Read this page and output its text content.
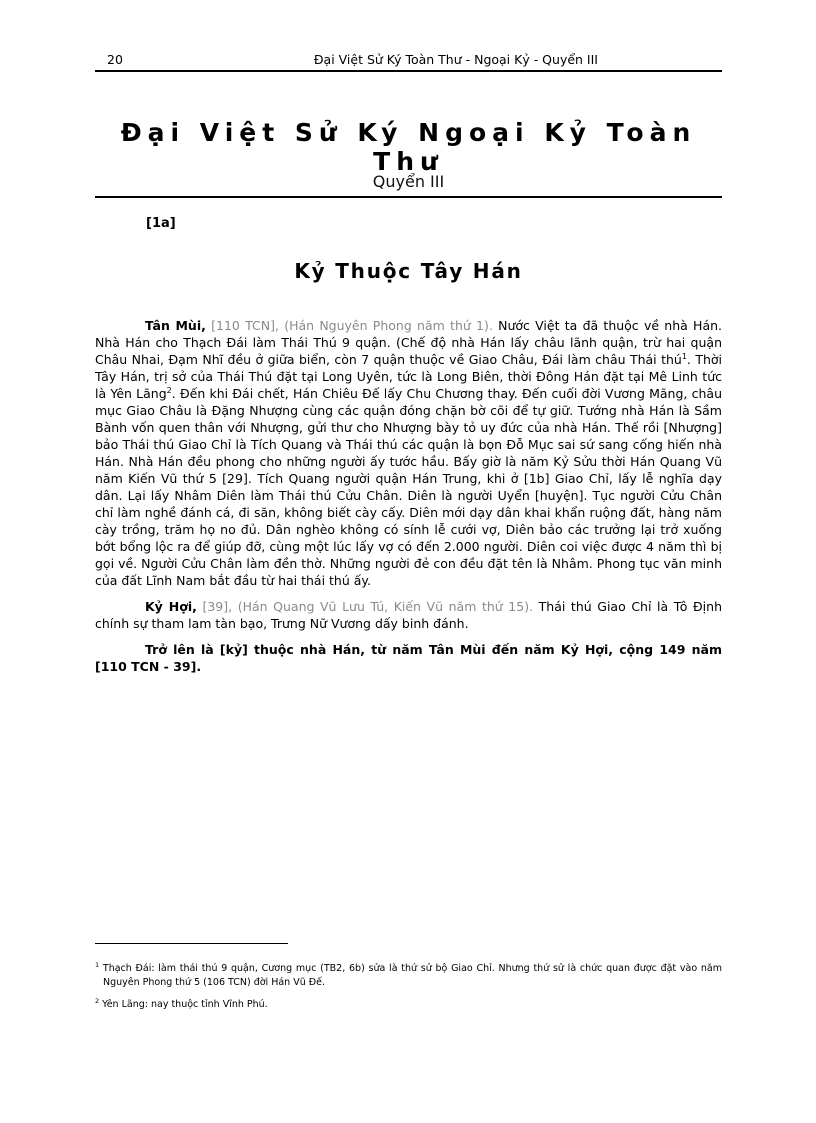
20	Đại Việt Sử Ký Toàn Thư - Ngoại Kỷ - Quyển III
Đại Việt Sử Ký Ngoại Kỷ Toàn Thư
Quyển III
[1a]
Kỷ Thuộc Tây Hán

Tân Mùi, [110 TCN], (Hán Nguyên Phong năm thứ 1). Nước Việt ta đã thuộc về nhà Hán. Nhà Hán cho Thạch Đái làm Thái Thú 9 quận. (Chế độ nhà Hán lấy châu lãnh quận, trừ hai quận Châu Nhai, Đạm Nhĩ đều ở giữa biển, còn 7 quận thuộc về Giao Châu, Đái làm châu Thái thú$^1$. Thời Tây Hán, trị sở của Thái Thú đặt tại Long Uyên, tức là Long Biên, thời Đông Hán đặt tại Mê Linh tức là Yên Lãng$^2$. Đến khi Đái chết, Hán Chiêu Đế lấy Chu Chương thay. Đến cuối đời Vương Mãng, châu mục Giao Châu là Đặng Nhượng cùng các quận đóng chặn bờ cõi để tự giữ. Tướng nhà Hán là Sầm Bành vốn quen thân với Nhượng, gửi thư cho Nhượng bày tỏ uy đức của nhà Hán. Thế rồi [Nhượng] bảo Thái thú Giao Chỉ là Tích Quang và Thái thú các quận là bọn Đỗ Mục sai sứ sang cống hiến nhà Hán. Nhà Hán đều phong cho những người ấy tước hầu. Bấy giờ là năm Kỷ Sửu thời Hán Quang Vũ năm Kiến Vũ thứ 5 [29]. Tích Quang người quận Hán Trung, khi ở [1b] Giao Chỉ, lấy lễ nghĩa dạy dân. Lại lấy Nhâm Diên làm Thái thú Cửu Chân. Diên là người Uyển [huyện]. Tục người Cửu Chân chỉ làm nghề đánh cá, đi săn, không biết cày cấy. Diên mới dạy dân khai khẩn ruộng đất, hàng năm cày trồng, trăm họ no đủ. Dân nghèo không có sính lễ cưới vợ, Diên bảo các trưởng lại trở xuống bớt bổng lộc ra để giúp đỡ, cùng một lúc lấy vợ có đến 2.000 người. Diên coi việc được 4 năm thì bị gọi về. Người Cửu Chân làm đền thờ. Những người đẻ con đều đặt tên là Nhâm. Phong tục văn minh của đất Lĩnh Nam bắt đầu từ hai thái thú ấy.

Kỷ Hợi, [39], (Hán Quang Vũ Lưu Tú, Kiến Vũ năm thứ 15). Thái thú Giao Chỉ là Tô Định chính sự tham lam tàn bạo, Trưng Nữ Vương dấy binh đánh.

Trở lên là [kỷ] thuộc nhà Hán, từ năm Tân Mùi đến năm Kỷ Hợi, cộng 149 năm [110 TCN - 39].

$^1$ Thạch Đái: làm thái thú 9 quận, Cương mục (TB2, 6b) sửa là thứ sử bộ Giao Chỉ. Nhưng thứ sử là chức quan được đặt vào năm Nguyên Phong thứ 5 (106 TCN) đời Hán Vũ Đế.
$^2$ Yên Lãng: nay thuộc tỉnh Vĩnh Phú.
